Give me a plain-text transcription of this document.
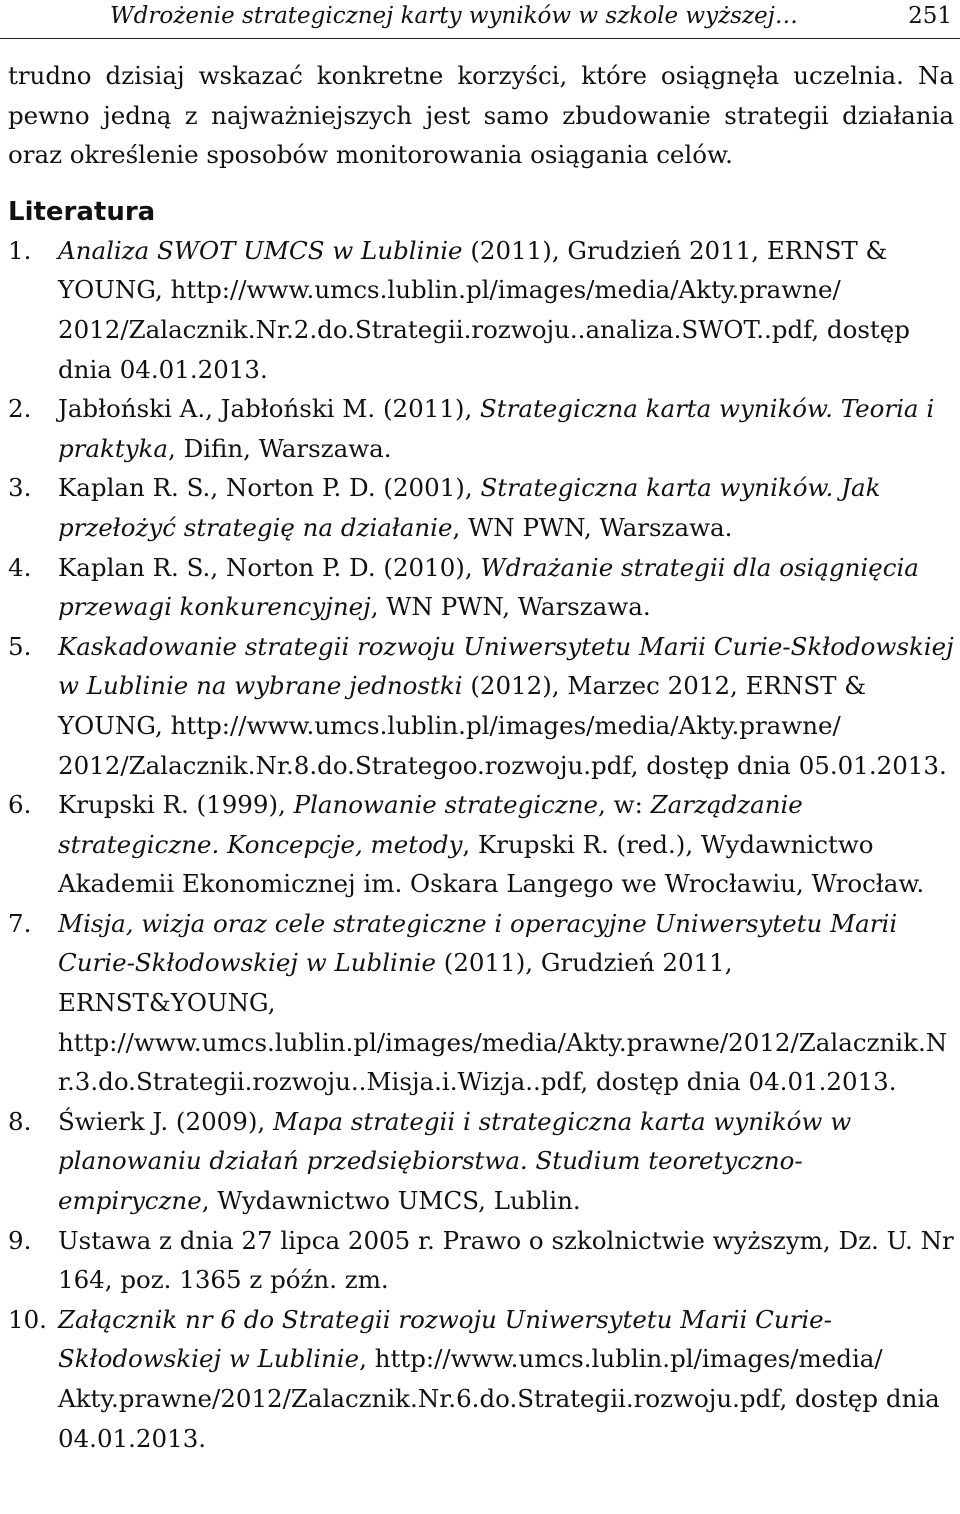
Wdrożenie strategicznej karty wyników w szkole wyższej…	251

trudno dzisiaj wskazać konkretne korzyści, które osiągnęła uczelnia. Na pewno jedną z najważniejszych jest samo zbudowanie strategii działania oraz określenie sposobów monitorowania osiągania celów.

Literatura
1. Analiza SWOT UMCS w Lublinie (2011), Grudzień 2011, ERNST & YOUNG, http://www.umcs.lublin.pl/images/media/Akty.prawne/ 2012/Zalacznik.Nr.2.do.Strategii.rozwoju..analiza.SWOT..pdf, dostęp dnia 04.01.2013.
2. Jabłoński A., Jabłoński M. (2011), Strategiczna karta wyników. Teoria i praktyka, Difin, Warszawa.
3. Kaplan R. S., Norton P. D. (2001), Strategiczna karta wyników. Jak przełożyć strategię na działanie, WN PWN, Warszawa.
4. Kaplan R. S., Norton P. D. (2010), Wdrażanie strategii dla osiągnięcia przewagi konkurencyjnej, WN PWN, Warszawa.
5. Kaskadowanie strategii rozwoju Uniwersytetu Marii Curie-Skłodowskiej w Lublinie na wybrane jednostki (2012), Marzec 2012, ERNST & YOUNG, http://www.umcs.lublin.pl/images/media/Akty.prawne/ 2012/Zalacznik.Nr.8.do.Strategoo.rozwoju.pdf, dostęp dnia 05.01.2013.
6. Krupski R. (1999), Planowanie strategiczne, w: Zarządzanie strategiczne. Koncepcje, metody, Krupski R. (red.), Wydawnictwo Akademii Ekonomicznej im. Oskara Langego we Wrocławiu, Wrocław.
7. Misja, wizja oraz cele strategiczne i operacyjne Uniwersytetu Marii Curie-Skłodowskiej w Lublinie (2011), Grudzień 2011, ERNST&YOUNG, http://www.umcs.lublin.pl/images/media/Akty.prawne/2012/Zalacznik.Nr.3.do.Strategii.rozwoju..Misja.i.Wizja..pdf, dostęp dnia 04.01.2013.
8. Świerk J. (2009), Mapa strategii i strategiczna karta wyników w planowaniu działań przedsiębiorstwa. Studium teoretyczno-empiryczne, Wydawnictwo UMCS, Lublin.
9. Ustawa z dnia 27 lipca 2005 r. Prawo o szkolnictwie wyższym, Dz. U. Nr 164, poz. 1365 z późn. zm.
10. Załącznik nr 6 do Strategii rozwoju Uniwersytetu Marii Curie-Skłodowskiej w Lublinie, http://www.umcs.lublin.pl/images/media/ Akty.prawne/2012/Zalacznik.Nr.6.do.Strategii.rozwoju.pdf, dostęp dnia 04.01.2013.
